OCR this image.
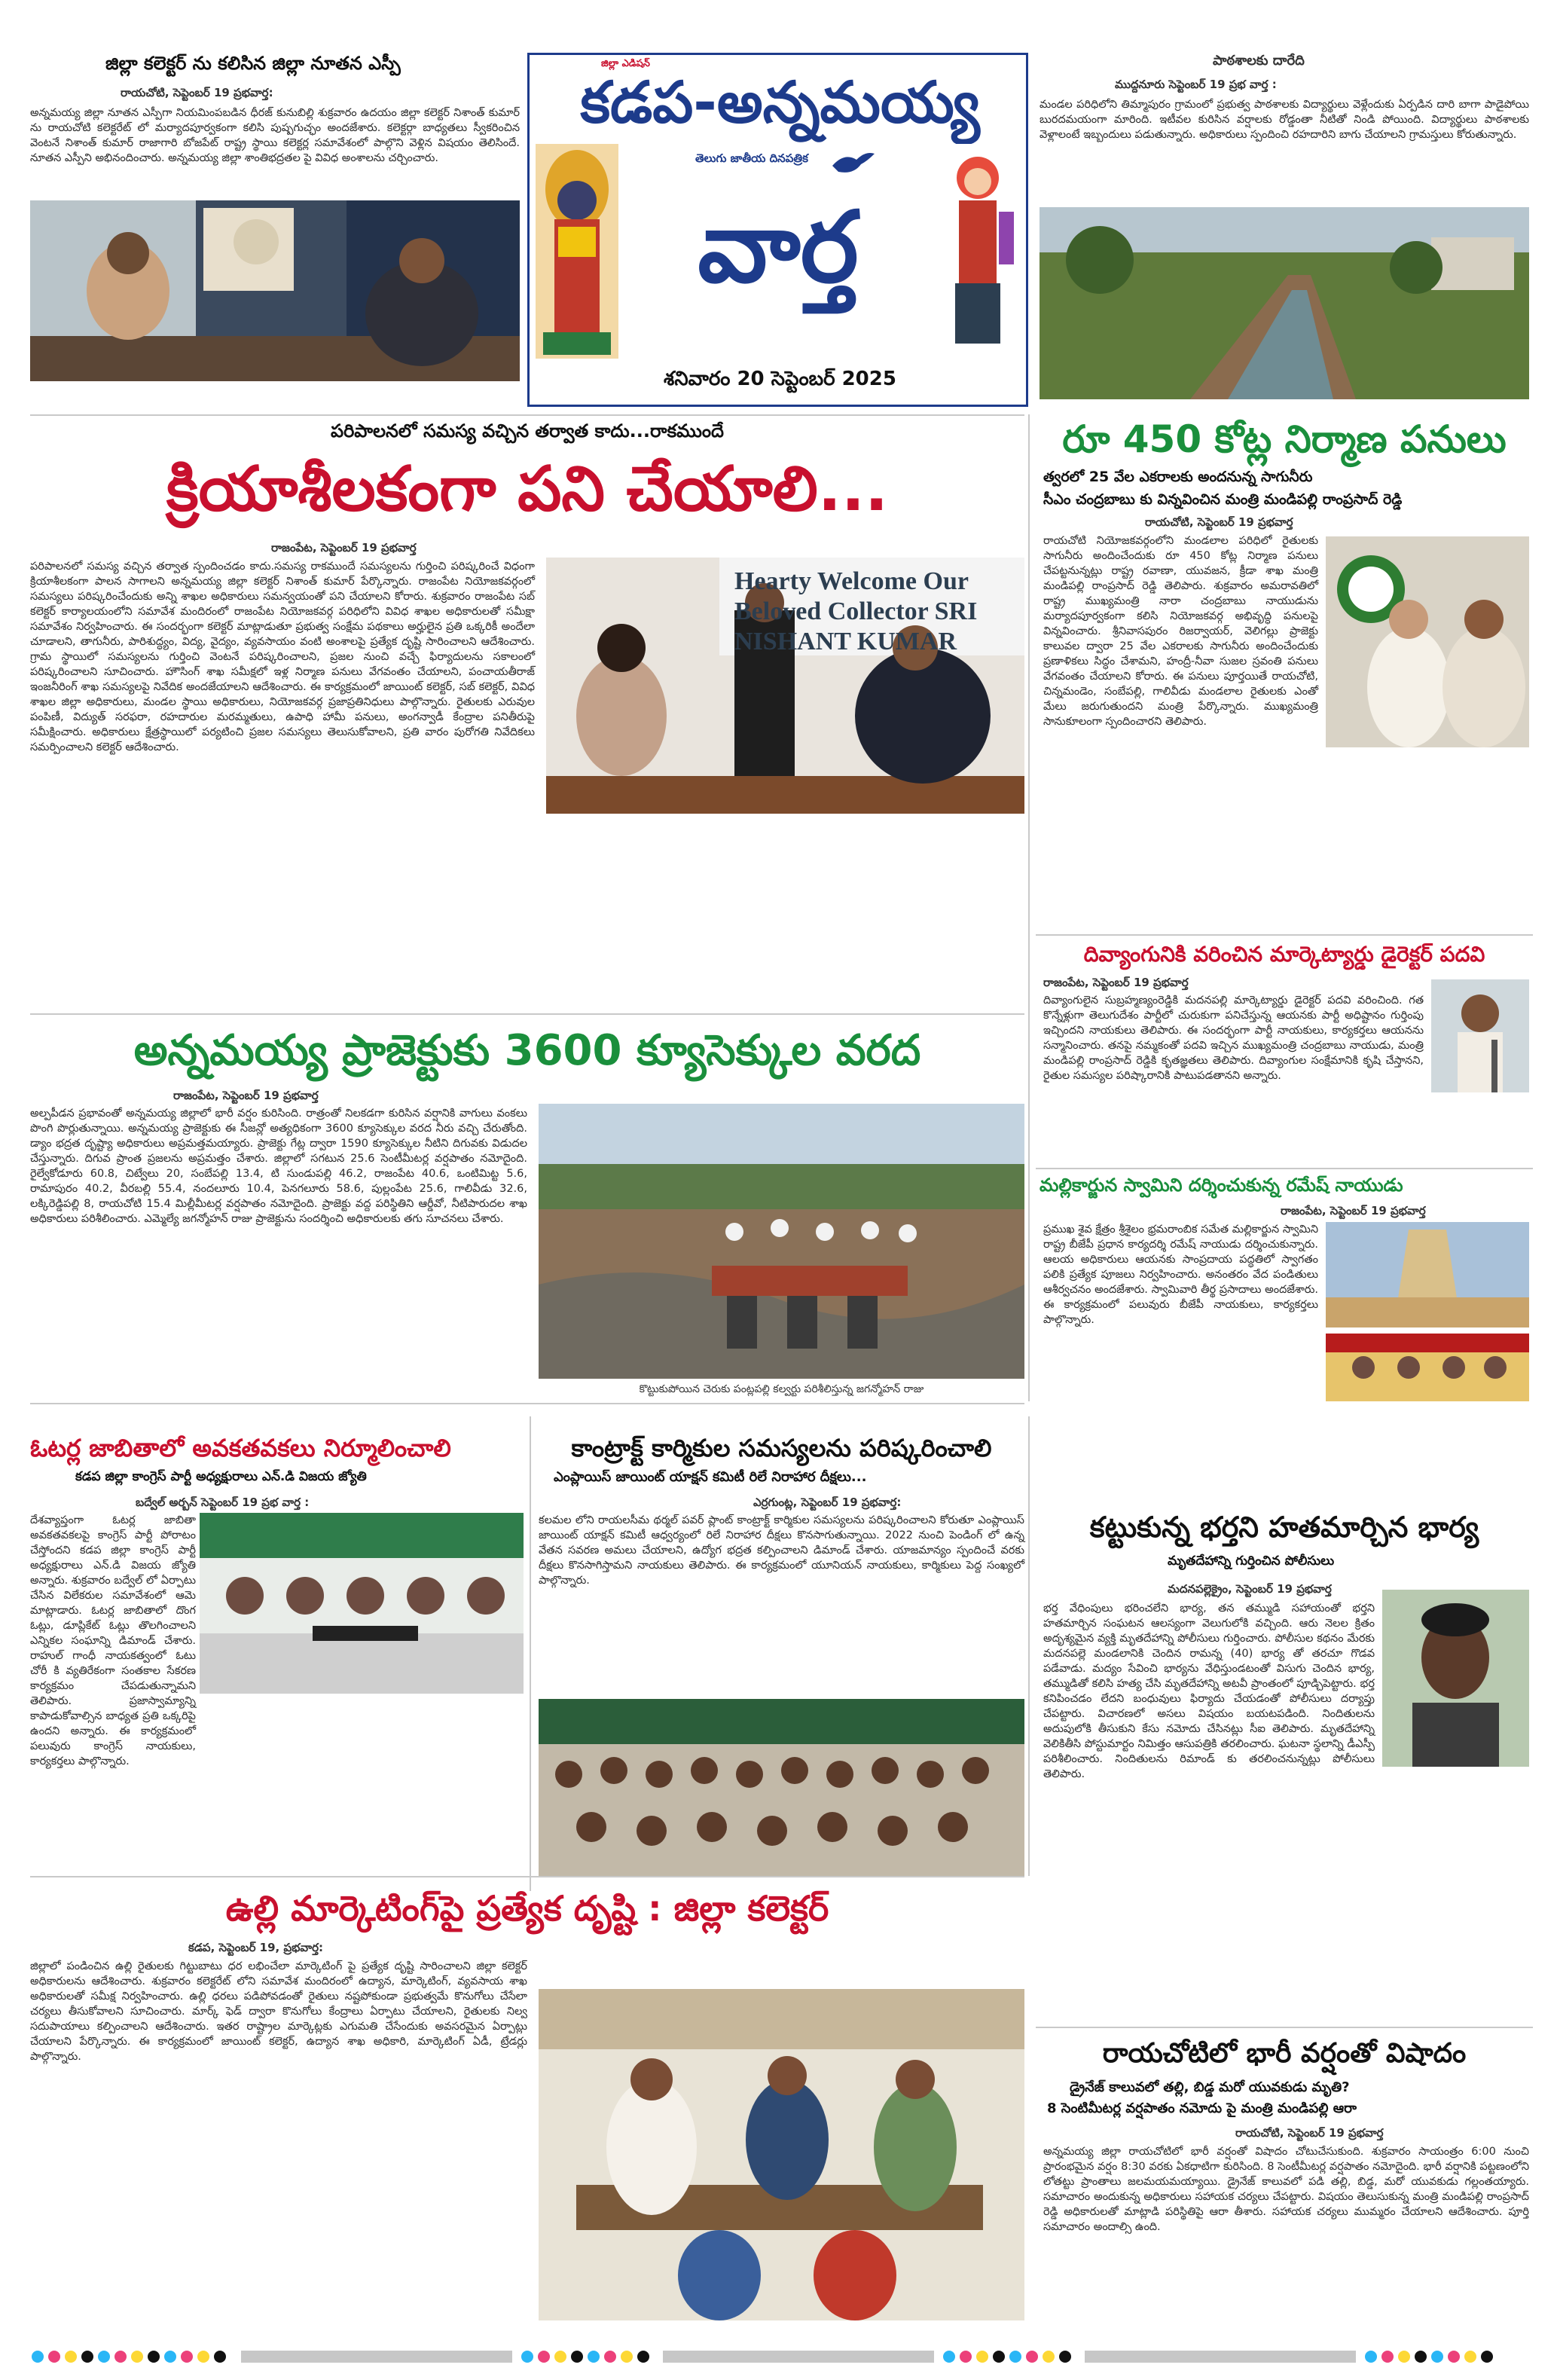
జిల్లా కలెక్టర్ ను కలిసిన జిల్లా నూతన ఎస్పీ
రాయచోటి, సెప్టెంబర్ 19 ప్రభవార్త:
అన్నమయ్య జిల్లా నూతన ఎస్పీగా నియమింపబడిన ధీరజ్ కునుబిల్లి శుక్రవారం ఉదయం జిల్లా కలెక్టర్ నిశాంత్ కుమార్ ను రాయచోటి కలెక్టరేట్ లో మర్యాదపూర్వకంగా కలిసి పుష్పగుచ్ఛం అందజేశారు. కలెక్టర్గా బాధ్యతలు స్వీకరించిన వెంటనే నిశాంత్ కుమార్ రాజాగారి బోజపేట్ రాష్ట్ర స్థాయి కలెక్టర్ల సమావేశంలో పాల్గొని వెళ్లిన విషయం తెలిసిందే. నూతన ఎస్పీని అభినందించారు. అన్నమయ్య జిల్లా శాంతిభద్రతల పై వివిధ అంశాలను చర్చించారు.
జిల్లా ఎడిషన్
కడప-అన్నమయ్య
తెలుగు జాతీయ దినపత్రిక
వార్త
శనివారం 20 సెప్టెంబర్ 2025
పాఠశాలకు దారేది
ముద్దనూరు సెప్టెంబర్ 19 ప్రభ వార్త :
మండల పరిధిలోని తిమ్మాపురం గ్రామంలో ప్రభుత్వ పాఠశాలకు విద్యార్థులు వెళ్లేందుకు ఏర్పడిన దారి బాగా పాడైపోయి బురదమయంగా మారింది. ఇటీవల కురిసిన వర్షాలకు రోడ్డంతా నీటితో నిండి పోయింది. విద్యార్థులు పాఠశాలకు వెళ్లాలంటే ఇబ్బందులు పడుతున్నారు. అధికారులు స్పందించి రహదారిని బాగు చేయాలని గ్రామస్తులు కోరుతున్నారు.
పరిపాలనలో సమస్య వచ్చిన తర్వాత కాదు...రాకముందే
క్రియాశీలకంగా పని చేయాలి...
రాజంపేట, సెప్టెంబర్ 19 ప్రభవార్త
పరిపాలనలో సమస్య వచ్చిన తర్వాత స్పందించడం కాదు.సమస్య రాకముందే సమస్యలను గుర్తించి పరిష్కరించే విధంగా క్రియాశీలకంగా పాలన సాగాలని అన్నమయ్య జిల్లా కలెక్టర్ నిశాంత్ కుమార్ పేర్కొన్నారు. రాజంపేట నియోజకవర్గంలో సమస్యలు పరిష్కరించేందుకు అన్ని శాఖల అధికారులు సమన్వయంతో పని చేయాలని కోరారు. శుక్రవారం రాజంపేట సబ్ కలెక్టర్ కార్యాలయంలోని సమావేశ మందిరంలో రాజంపేట నియోజకవర్గ పరిధిలోని వివిధ శాఖల అధికారులతో సమీక్షా సమావేశం నిర్వహించారు. ఈ సందర్భంగా కలెక్టర్ మాట్లాడుతూ ప్రభుత్వ సంక్షేమ పథకాలు అర్హులైన ప్రతి ఒక్కరికీ అందేలా చూడాలని, తాగునీరు, పారిశుద్ధ్యం, విద్య, వైద్యం, వ్యవసాయం వంటి అంశాలపై ప్రత్యేక దృష్టి సారించాలని ఆదేశించారు. గ్రామ స్థాయిలో సమస్యలను గుర్తించి వెంటనే పరిష్కరించాలని, ప్రజల నుంచి వచ్చే ఫిర్యాదులను సకాలంలో పరిష్కరించాలని సూచించారు. హౌసింగ్ శాఖ సమీక్షలో ఇళ్ల నిర్మాణ పనులు వేగవంతం చేయాలని, పంచాయతీరాజ్ ఇంజనీరింగ్ శాఖ సమస్యలపై నివేదిక అందజేయాలని ఆదేశించారు. ఈ కార్యక్రమంలో జాయింట్ కలెక్టర్, సబ్ కలెక్టర్, వివిధ శాఖల జిల్లా అధికారులు, మండల స్థాయి అధికారులు, నియోజకవర్గ ప్రజాప్రతినిధులు పాల్గొన్నారు. రైతులకు ఎరువుల పంపిణీ, విద్యుత్ సరఫరా, రహదారుల మరమ్మతులు, ఉపాధి హామీ పనులు, అంగన్వాడీ కేంద్రాల పనితీరుపై సమీక్షించారు. అధికారులు క్షేత్రస్థాయిలో పర్యటించి ప్రజల సమస్యలు తెలుసుకోవాలని, ప్రతి వారం పురోగతి నివేదికలు సమర్పించాలని కలెక్టర్ ఆదేశించారు.
Hearty Welcome Our Beloved Collector SRI NISHANT KUMAR
రూ 450 కోట్ల నిర్మాణ పనులు
త్వరలో 25 వేల ఎకరాలకు అందనున్న సాగునీరు
సీఎం చంద్రబాబు కు విన్నవించిన మంత్రి మండిపల్లి రాంప్రసాద్ రెడ్డి
రాయచోటి, సెప్టెంబర్ 19 ప్రభవార్త
రాయచోటి నియోజకవర్గంలోని మండలాల పరిధిలో రైతులకు సాగునీరు అందించేందుకు రూ 450 కోట్ల నిర్మాణ పనులు చేపట్టనున్నట్లు రాష్ట్ర రవాణా, యువజన, క్రీడా శాఖ మంత్రి మండిపల్లి రాంప్రసాద్ రెడ్డి తెలిపారు. శుక్రవారం అమరావతిలో రాష్ట్ర ముఖ్యమంత్రి నారా చంద్రబాబు నాయుడును మర్యాదపూర్వకంగా కలిసి నియోజకవర్గ అభివృద్ధి పనులపై విన్నవించారు. శ్రీనివాసపురం రిజర్వాయర్, వెలిగల్లు ప్రాజెక్టు కాలువల ద్వారా 25 వేల ఎకరాలకు సాగునీరు అందించేందుకు ప్రణాళికలు సిద్ధం చేశామని, హంద్రీ-నీవా సుజల స్రవంతి పనులు వేగవంతం చేయాలని కోరారు. ఈ పనులు పూర్తయితే రాయచోటి, చిన్నమండెం, సంబేపల్లి, గాలివీడు మండలాల రైతులకు ఎంతో మేలు జరుగుతుందని మంత్రి పేర్కొన్నారు. ముఖ్యమంత్రి సానుకూలంగా స్పందించారని తెలిపారు.
దివ్యాంగునికి వరించిన మార్కెట్యార్డు డైరెక్టర్ పదవి
రాజంపేట, సెప్టెంబర్ 19 ప్రభవార్త
దివ్యాంగులైన సుబ్రహ్మణ్యంరెడ్డికి మదనపల్లి మార్కెట్యార్డు డైరెక్టర్ పదవి వరించింది. గత కొన్నేళ్లుగా తెలుగుదేశం పార్టీలో చురుకుగా పనిచేస్తున్న ఆయనకు పార్టీ అధిష్టానం గుర్తింపు ఇచ్చిందని నాయకులు తెలిపారు. ఈ సందర్భంగా పార్టీ నాయకులు, కార్యకర్తలు ఆయనను సన్మానించారు. తనపై నమ్మకంతో పదవి ఇచ్చిన ముఖ్యమంత్రి చంద్రబాబు నాయుడు, మంత్రి మండిపల్లి రాంప్రసాద్ రెడ్డికి కృతజ్ఞతలు తెలిపారు. దివ్యాంగుల సంక్షేమానికి కృషి చేస్తానని, రైతుల సమస్యల పరిష్కారానికి పాటుపడతానని అన్నారు.
మల్లికార్జున స్వామిని దర్శించుకున్న రమేష్ నాయుడు
రాజంపేట, సెప్టెంబర్ 19 ప్రభవార్త
ప్రముఖ శైవ క్షేత్రం శ్రీశైలం భ్రమరాంబిక సమేత మల్లికార్జున స్వామిని రాష్ట్ర బీజేపీ ప్రధాన కార్యదర్శి రమేష్ నాయుడు దర్శించుకున్నారు. ఆలయ అధికారులు ఆయనకు సాంప్రదాయ పద్ధతిలో స్వాగతం పలికి ప్రత్యేక పూజలు నిర్వహించారు. అనంతరం వేద పండితులు ఆశీర్వచనం అందజేశారు. స్వామివారి తీర్థ ప్రసాదాలు అందజేశారు. ఈ కార్యక్రమంలో పలువురు బీజేపీ నాయకులు, కార్యకర్తలు పాల్గొన్నారు.
అన్నమయ్య ప్రాజెక్టుకు 3600 క్యూసెక్కుల వరద
రాజంపేట, సెప్టెంబర్ 19 ప్రభవార్త
అల్పపీడన ప్రభావంతో అన్నమయ్య జిల్లాలో భారీ వర్షం కురిసింది. రాత్రంతో నిలకడగా కురిసిన వర్షానికి వాగులు వంకలు పొంగి పొర్లుతున్నాయి. అన్నమయ్య ప్రాజెక్టుకు ఈ సీజన్లో అత్యధికంగా 3600 క్యూసెక్కుల వరద నీరు వచ్చి చేరుతోంది. డ్యాం భద్రత దృష్ట్యా అధికారులు అప్రమత్తమయ్యారు. ప్రాజెక్టు గేట్ల ద్వారా 1590 క్యూసెక్కుల నీటిని దిగువకు విడుదల చేస్తున్నారు. దిగువ ప్రాంత ప్రజలను అప్రమత్తం చేశారు. జిల్లాలో సగటున 25.6 సెంటీమీటర్ల వర్షపాతం నమోదైంది. రైల్వేకోడూరు 60.8, చిట్వేలు 20, సంబేపల్లి 13.4, టి సుండుపల్లి 46.2, రాజంపేట 40.6, ఒంటిమిట్ట 5.6, రామాపురం 40.2, వీరబల్లి 55.4, నందలూరు 10.4, పెనగలూరు 58.6, పుల్లంపేట 25.6, గాలివీడు 32.6, లక్కిరెడ్డిపల్లి 8, రాయచోటి 15.4 మిల్లీమీటర్ల వర్షపాతం నమోదైంది. ప్రాజెక్టు వద్ద పరిస్థితిని ఆర్డీవో, నీటిపారుదల శాఖ అధికారులు పరిశీలించారు. ఎమ్మెల్యే జగన్మోహన్ రాజు ప్రాజెక్టును సందర్శించి అధికారులకు తగు సూచనలు చేశారు.
కొట్టుకుపోయిన చెరుకు పంట్లపల్లి కల్వర్టు పరిశీలిస్తున్న జగన్మోహన్ రాజు
ఓటర్ల జాబితాలో అవకతవకలు నిర్మూలించాలి
కడప జిల్లా కాంగ్రెస్ పార్టీ అధ్యక్షురాలు ఎన్.డి విజయ జ్యోతి
బద్వేల్ అర్బన్ సెప్టెంబర్ 19 ప్రభ వార్త :
దేశవ్యాప్తంగా ఓటర్ల జాబితా అవకతవకలపై కాంగ్రెస్ పార్టీ పోరాటం చేస్తోందని కడప జిల్లా కాంగ్రెస్ పార్టీ అధ్యక్షురాలు ఎన్.డి విజయ జ్యోతి అన్నారు. శుక్రవారం బద్వేల్ లో ఏర్పాటు చేసిన విలేకరుల సమావేశంలో ఆమె మాట్లాడారు. ఓటర్ల జాబితాలో దొంగ ఓట్లు, డూప్లికేట్ ఓట్లు తొలగించాలని ఎన్నికల సంఘాన్ని డిమాండ్ చేశారు. రాహుల్ గాంధీ నాయకత్వంలో ఓటు చోరీ కి వ్యతిరేకంగా సంతకాల సేకరణ కార్యక్రమం చేపడుతున్నామని తెలిపారు. ప్రజాస్వామ్యాన్ని కాపాడుకోవాల్సిన బాధ్యత ప్రతి ఒక్కరిపై ఉందని అన్నారు. ఈ కార్యక్రమంలో పలువురు కాంగ్రెస్ నాయకులు, కార్యకర్తలు పాల్గొన్నారు.
కాంట్రాక్ట్ కార్మికుల సమస్యలను పరిష్కరించాలి
ఎంప్లాయిస్ జాయింట్ యాక్షన్ కమిటీ రిలే నిరాహార దీక్షలు...
ఎర్రగుంట్ల, సెప్టెంబర్ 19 ప్రభవార్త:
కలమల లోని రాయలసీమ థర్మల్ పవర్ ప్లాంట్ కాంట్రాక్ట్ కార్మికుల సమస్యలను పరిష్కరించాలని కోరుతూ ఎంప్లాయిస్ జాయింట్ యాక్షన్ కమిటీ ఆధ్వర్యంలో రిలే నిరాహార దీక్షలు కొనసాగుతున్నాయి. 2022 నుంచి పెండింగ్ లో ఉన్న వేతన సవరణ అమలు చేయాలని, ఉద్యోగ భద్రత కల్పించాలని డిమాండ్ చేశారు. యాజమాన్యం స్పందించే వరకు దీక్షలు కొనసాగిస్తామని నాయకులు తెలిపారు. ఈ కార్యక్రమంలో యూనియన్ నాయకులు, కార్మికులు పెద్ద సంఖ్యలో పాల్గొన్నారు.
కట్టుకున్న భర్తని హతమార్చిన భార్య
మృతదేహాన్ని గుర్తించిన పోలీసులు
మదనపల్లెక్రైం, సెప్టెంబర్ 19 ప్రభవార్త
భర్త వేధింపులు భరించలేని భార్య, తన తమ్ముడి సహాయంతో భర్తని హతమార్చిన సంఘటన ఆలస్యంగా వెలుగులోకి వచ్చింది. ఆరు నెలల క్రితం అదృశ్యమైన వ్యక్తి మృతదేహాన్ని పోలీసులు గుర్తించారు. పోలీసుల కథనం మేరకు మదనపల్లె మండలానికి చెందిన రామన్న (40) భార్య తో తరచూ గొడవ పడేవాడు. మద్యం సేవించి భార్యను వేధిస్తుండటంతో విసుగు చెందిన భార్య, తమ్ముడితో కలిసి హత్య చేసి మృతదేహాన్ని అటవీ ప్రాంతంలో పూడ్చిపెట్టారు. భర్త కనిపించడం లేదని బంధువులు ఫిర్యాదు చేయడంతో పోలీసులు దర్యాప్తు చేపట్టారు. విచారణలో అసలు విషయం బయటపడింది. నిందితులను అదుపులోకి తీసుకుని కేసు నమోదు చేసినట్లు సీఐ తెలిపారు. మృతదేహాన్ని వెలికితీసి పోస్టుమార్టం నిమిత్తం ఆసుపత్రికి తరలించారు. ఘటనా స్థలాన్ని డీఎస్పీ పరిశీలించారు. నిందితులను రిమాండ్ కు తరలించనున్నట్లు పోలీసులు తెలిపారు.
ఉల్లి మార్కెటింగ్‌పై ప్రత్యేక దృష్టి : జిల్లా కలెక్టర్
కడప, సెప్టెంబర్ 19, ప్రభవార్త:
జిల్లాలో పండించిన ఉల్లి రైతులకు గిట్టుబాటు ధర లభించేలా మార్కెటింగ్ పై ప్రత్యేక దృష్టి సారించాలని జిల్లా కలెక్టర్ అధికారులను ఆదేశించారు. శుక్రవారం కలెక్టరేట్ లోని సమావేశ మందిరంలో ఉద్యాన, మార్కెటింగ్, వ్యవసాయ శాఖ అధికారులతో సమీక్ష నిర్వహించారు. ఉల్లి ధరలు పడిపోవడంతో రైతులు నష్టపోకుండా ప్రభుత్వమే కొనుగోలు చేసేలా చర్యలు తీసుకోవాలని సూచించారు. మార్క్ ఫెడ్ ద్వారా కొనుగోలు కేంద్రాలు ఏర్పాటు చేయాలని, రైతులకు నిల్వ సదుపాయాలు కల్పించాలని ఆదేశించారు. ఇతర రాష్ట్రాల మార్కెట్లకు ఎగుమతి చేసేందుకు అవసరమైన ఏర్పాట్లు చేయాలని పేర్కొన్నారు. ఈ కార్యక్రమంలో జాయింట్ కలెక్టర్, ఉద్యాన శాఖ అధికారి, మార్కెటింగ్ ఏడీ, ట్రేడర్లు పాల్గొన్నారు.	రాయచోటిలో భారీ వర్షంతో విషాదం
డ్రైనేజ్ కాలువలో తల్లి, బిడ్డ మరో యువకుడు మృతి?
8 సెంటిమీటర్ల వర్షపాతం నమోదు పై మంత్రి మండిపల్లి ఆరా
రాయచోటి, సెప్టెంబర్ 19 ప్రభవార్త
అన్నమయ్య జిల్లా రాయచోటిలో భారీ వర్షంతో విషాదం చోటుచేసుకుంది. శుక్రవారం సాయంత్రం 6:00 నుంచి ప్రారంభమైన వర్షం 8:30 వరకు ఏకధాటిగా కురిసింది. 8 సెంటీమీటర్ల వర్షపాతం నమోదైంది. భారీ వర్షానికి పట్టణంలోని లోతట్టు ప్రాంతాలు జలమయమయ్యాయి. డ్రైనేజ్ కాలువలో పడి తల్లి, బిడ్డ, మరో యువకుడు గల్లంతయ్యారు. సమాచారం అందుకున్న అధికారులు సహాయక చర్యలు చేపట్టారు. విషయం తెలుసుకున్న మంత్రి మండిపల్లి రాంప్రసాద్ రెడ్డి అధికారులతో మాట్లాడి పరిస్థితిపై ఆరా తీశారు. సహాయక చర్యలు ముమ్మరం చేయాలని ఆదేశించారు. పూర్తి సమాచారం అందాల్సి ఉంది.
